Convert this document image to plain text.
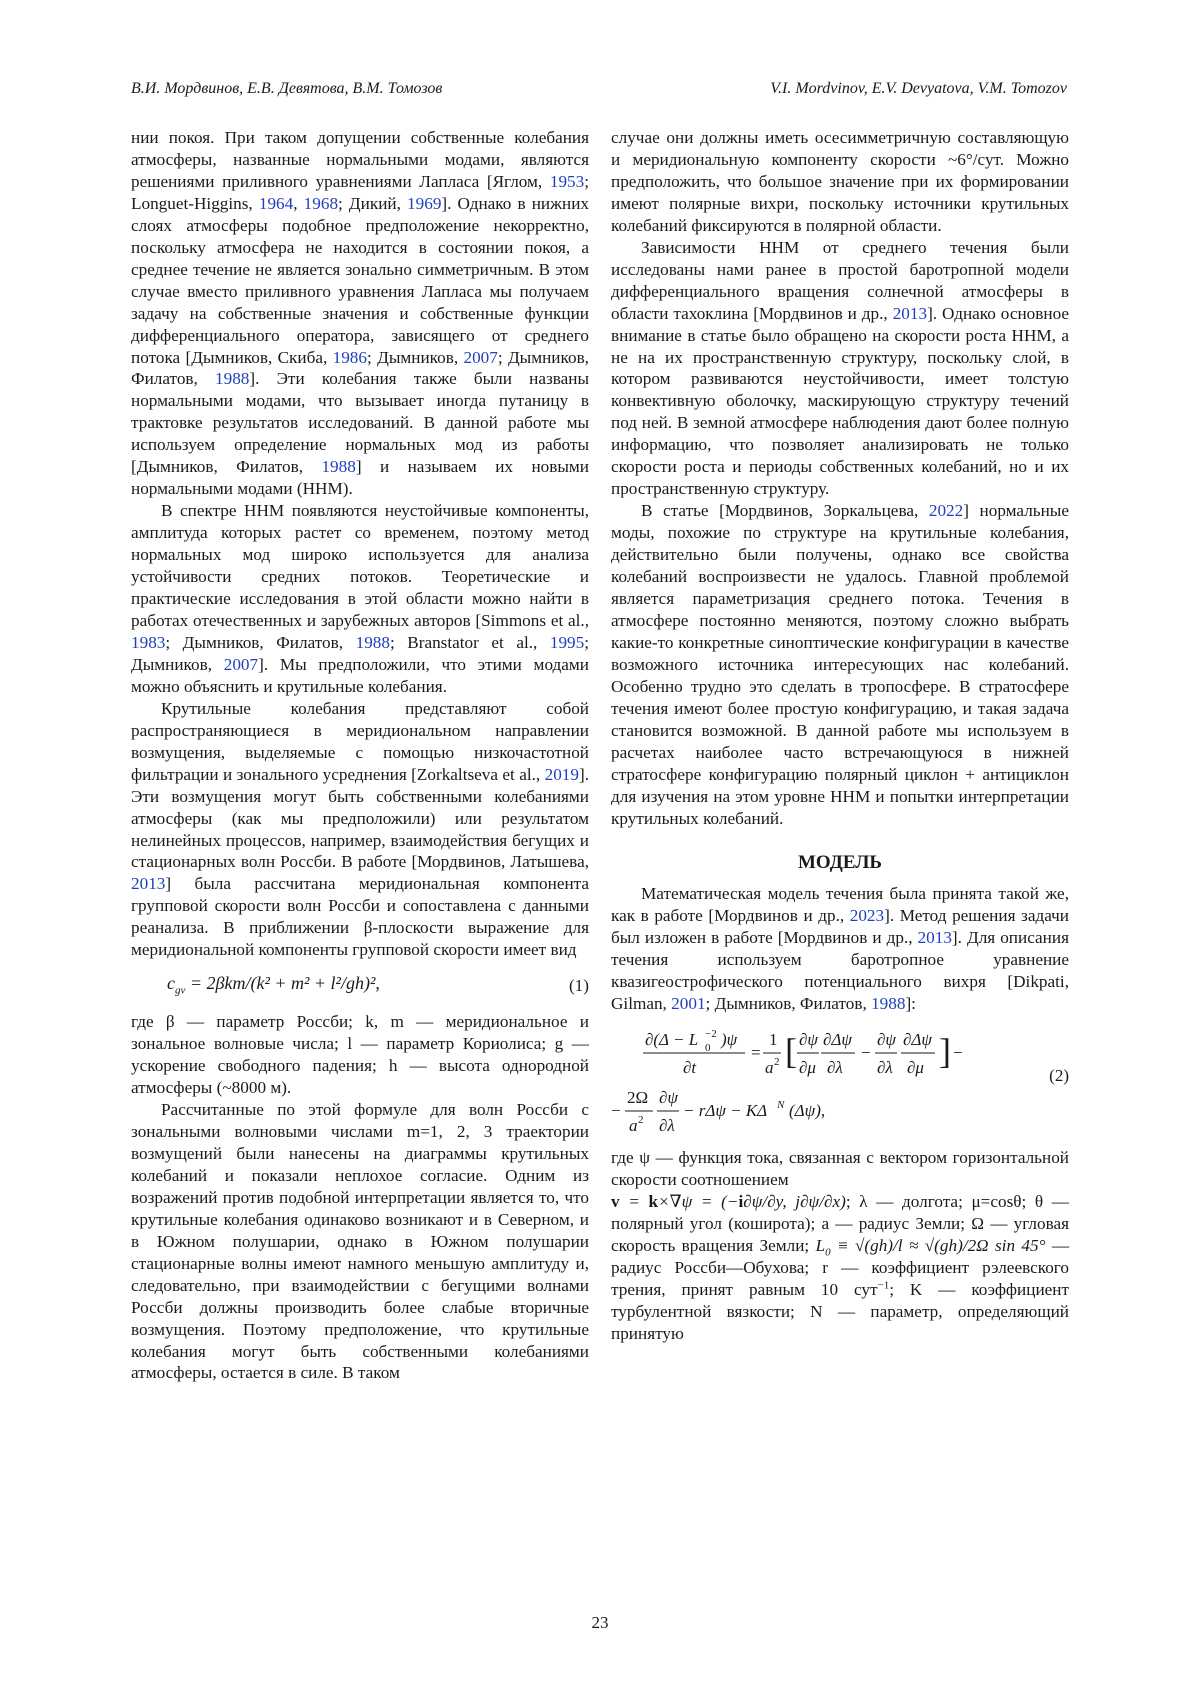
В.И. Мордвинов, Е.В. Девятова, В.М. Томозов	V.I. Mordvinov, E.V. Devyatova, V.M. Tomozov

нии покоя. При таком допущении собственные колебания атмосферы, названные нормальными модами, являются решениями приливного уравнениями Лапласа [Яглом, 1953; Longuet-Higgins, 1964, 1968; Дикий, 1969]. Однако в нижних слоях атмосферы подобное предположение некорректно, поскольку атмосфера не находится в состоянии покоя, а среднее течение не является зонально симметричным. В этом случае вместо приливного уравнения Лапласа мы получаем задачу на собственные значения и собственные функции дифференциального оператора, зависящего от среднего потока [Дымников, Скиба, 1986; Дымников, 2007; Дымников, Филатов, 1988]. Эти колебания также были названы нормальными модами, что вызывает иногда путаницу в трактовке результатов исследований. В данной работе мы используем определение нормальных мод из работы [Дымников, Филатов, 1988] и называем их новыми нормальными модами (ННМ).

В спектре ННМ появляются неустойчивые компоненты, амплитуда которых растет со временем, поэтому метод нормальных мод широко используется для анализа устойчивости средних потоков. Теоретические и практические исследования в этой области можно найти в работах отечественных и зарубежных авторов [Simmons et al., 1983; Дымников, Филатов, 1988; Branstator et al., 1995; Дымников, 2007]. Мы предположили, что этими модами можно объяснить и крутильные колебания.

Крутильные колебания представляют собой распространяющиеся в меридиональном направлении возмущения, выделяемые с помощью низкочастотной фильтрации и зонального усреднения [Zorkaltseva et al., 2019]. Эти возмущения могут быть собственными колебаниями атмосферы (как мы предположили) или результатом нелинейных процессов, например, взаимодействия бегущих и стационарных волн Россби. В работе [Мордвинов, Латышева, 2013] была рассчитана меридиональная компонента групповой скорости волн Россби и сопоставлена с данными реанализа. В приближении β-плоскости выражение для меридиональной компоненты групповой скорости имеет вид

$c_{gv} = 2\beta km/(k^2 + m^2 + l^2/gh)^2$,	(1)

где β — параметр Россби; k, m — меридиональное и зональное волновые числа; l — параметр Кориолиса; g — ускорение свободного падения; h — высота однородной атмосферы (~8000 м).

Рассчитанные по этой формуле для волн Россби с зональными волновыми числами m=1, 2, 3 траектории возмущений были нанесены на диаграммы крутильных колебаний и показали неплохое согласие. Одним из возражений против подобной интерпретации является то, что крутильные колебания одинаково возникают и в Северном, и в Южном полушарии, однако в Южном полушарии стационарные волны имеют намного меньшую амплитуду и, следовательно, при взаимодействии с бегущими волнами Россби должны производить более слабые вторичные возмущения. Поэтому предположение, что крутильные колебания могут быть собственными колебаниями атмосферы, остается в силе. В таком

случае они должны иметь осесимметричную составляющую и меридиональную компоненту скорости ~6°/сут. Можно предположить, что большое значение при их формировании имеют полярные вихри, поскольку источники крутильных колебаний фиксируются в полярной области.

Зависимости ННМ от среднего течения были исследованы нами ранее в простой баротропной модели дифференциального вращения солнечной атмосферы в области тахоклина [Мордвинов и др., 2013]. Однако основное внимание в статье было обращено на скорости роста ННМ, а не на их пространственную структуру, поскольку слой, в котором развиваются неустойчивости, имеет толстую конвективную оболочку, маскирующую структуру течений под ней. В земной атмосфере наблюдения дают более полную информацию, что позволяет анализировать не только скорости роста и периоды собственных колебаний, но и их пространственную структуру.

В статье [Мордвинов, Зоркальцева, 2022] нормальные моды, похожие по структуре на крутильные колебания, действительно были получены, однако все свойства колебаний воспроизвести не удалось. Главной проблемой является параметризация среднего потока. Течения в атмосфере постоянно меняются, поэтому сложно выбрать какие-то конкретные синоптические конфигурации в качестве возможного источника интересующих нас колебаний. Особенно трудно это сделать в тропосфере. В стратосфере течения имеют более простую конфигурацию, и такая задача становится возможной. В данной работе мы используем в расчетах наиболее часто встречающуюся в нижней стратосфере конфигурацию полярный циклон + антициклон для изучения на этом уровне ННМ и попытки интерпретации крутильных колебаний.

МОДЕЛЬ

Математическая модель течения была принята такой же, как в работе [Мордвинов и др., 2023]. Метод решения задачи был изложен в работе [Мордвинов и др., 2013]. Для описания течения используем баротропное уравнение квазигеострофического потенциального вихря [Dikpati, Gilman, 2001; Дымников, Филатов, 1988]:

∂(Δ − L 0
−2 )ψ
∂t
=
1
a 2 [ ∂ψ
∂μ
∂Δψ
∂λ
−
∂ψ
∂λ
∂Δψ
∂μ ] −
−
2Ω
a 2
∂ψ
∂λ
− rΔψ − KΔ N (Δψ),
(2)

где ψ — функция тока, связанная с вектором горизонтальной скорости соотношением

v = k×∇ψ = (−i∂ψ/∂y, j∂ψ/∂x); λ — долгота; μ=cosθ; θ — полярный угол (коширота); a — радиус Земли; Ω — угловая скорость вращения Земли; $L_0 \equiv √(gh)/l \approx √(gh)/2\Omega$ sin 45° — радиус Россби—Обухова; r — коэффициент рэлеевского трения, принят равным 10 сут$^{-1}$; K — коэффициент турбулентной вязкости; N — параметр, определяющий принятую

23
